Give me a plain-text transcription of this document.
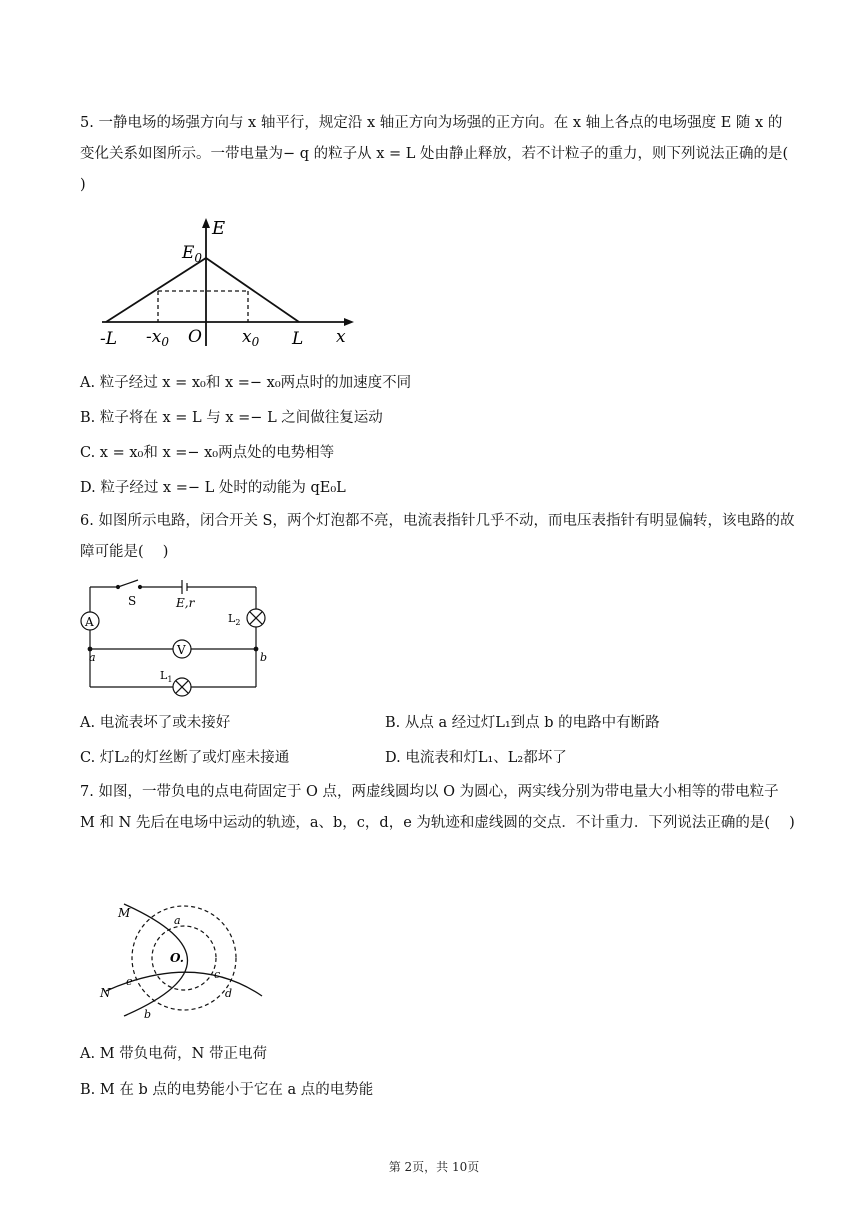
5. 一静电场的场强方向与 x 轴平行，规定沿 x 轴正方向为场强的正方向。在 x 轴上各点的电场强度 E 随 x 的变化关系如图所示。一带电量为− q 的粒子从 x = L 处由静止释放，若不计粒子的重力，则下列说法正确的是(　 )

E
$E_0$
-L $-x_0$ O $x_0$ L x
A. 粒子经过 x = x₀和 x =− x₀两点时的加速度不同
B. 粒子将在 x = L 与 x =− L 之间做往复运动
C. x = x₀和 x =− x₀两点处的电势相等
D. 粒子经过 x =− L 处时的动能为 qE₀L

6. 如图所示电路，闭合开关 S，两个灯泡都不亮，电流表指针几乎不动，而电压表指针有明显偏转，该电路的故障可能是(　 )

A
V
S	E,r
$L_2$
$L_1$
a	b
A. 电流表坏了或未接好	B. 从点 a 经过灯L₁到点 b 的电路中有断路
C. 灯L₂的灯丝断了或灯座未接通	D. 电流表和灯L₁、L₂都坏了

7. 如图，一带负电的点电荷固定于 O 点，两虚线圆均以 O 为圆心，两实线分别为带电量大小相等的带电粒子 M 和 N 先后在电场中运动的轨迹，a、b，c，d，e 为轨迹和虚线圆的交点．不计重力．下列说法正确的是(　 )

M
N
O.
a
b
c
d
e
A. M 带负电荷，N 带正电荷
B. M 在 b 点的电势能小于它在 a 点的电势能
第 2页，共 10页
